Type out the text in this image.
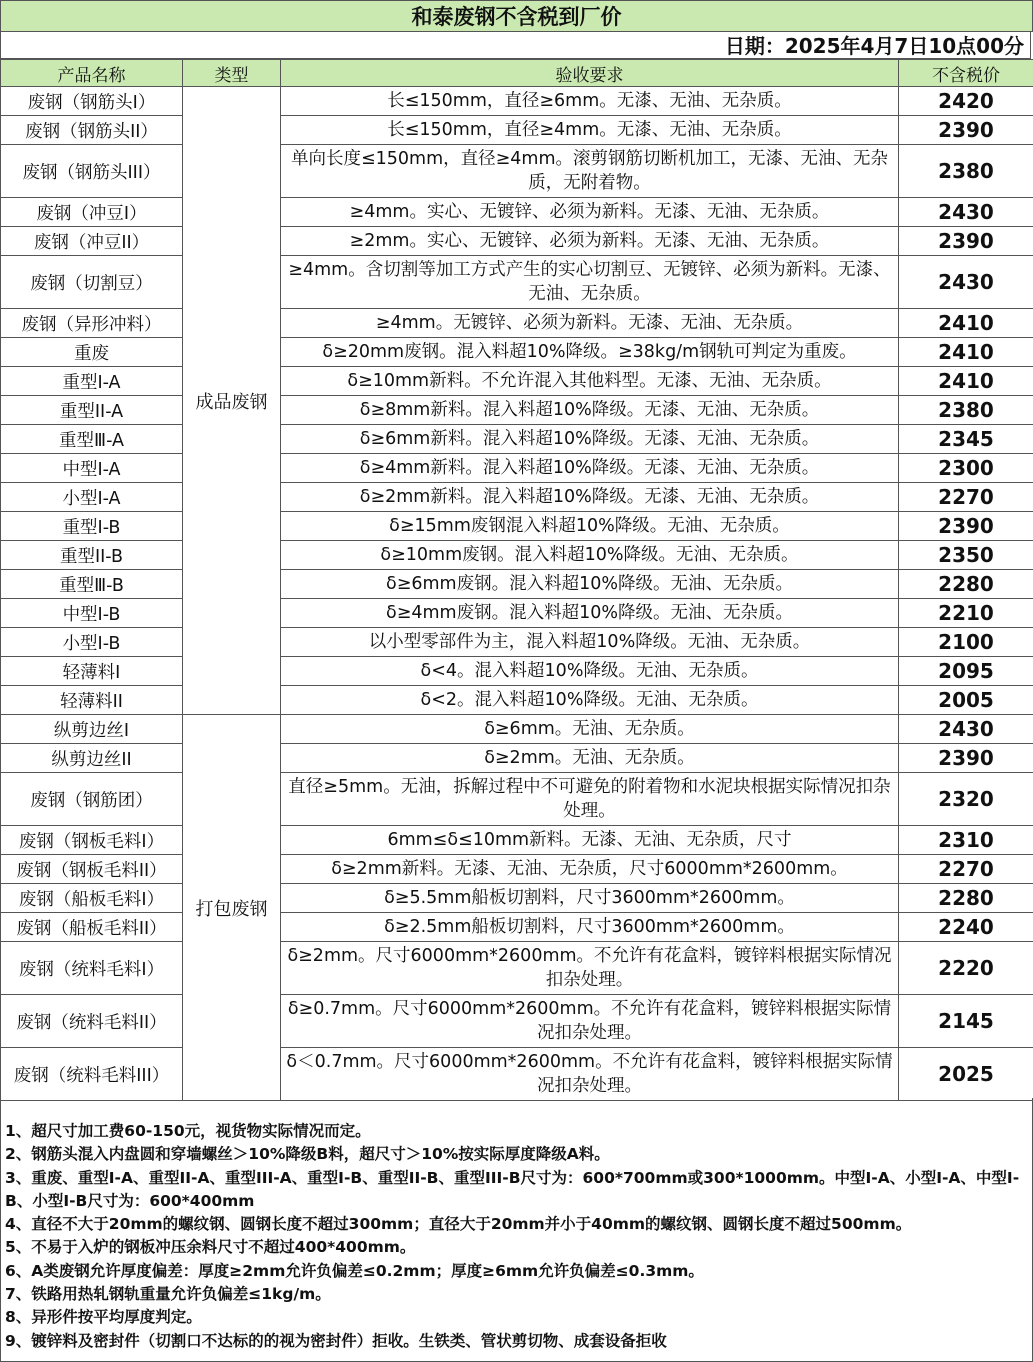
和泰废钢不含税到厂价
日期：2025年4月7日10点00分
产品名称	类型	验收要求	不含税价
废钢（钢筋头I）	成品废钢	长≤150mm，直径≥6mm。无漆、无油、无杂质。	2420
废钢（钢筋头II）		长≤150mm，直径≥4mm。无漆、无油、无杂质。	2390
废钢（钢筋头III）		单向长度≤150mm，直径≥4mm。滚剪钢筋切断机加工，无漆、无油、无杂质，无附着物。	2380
废钢（冲豆I）		≥4mm。实心、无镀锌、必须为新料。无漆、无油、无杂质。	2430
废钢（冲豆II）		≥2mm。实心、无镀锌、必须为新料。无漆、无油、无杂质。	2390
废钢（切割豆）		≥4mm。含切割等加工方式产生的实心切割豆、无镀锌、必须为新料。无漆、无油、无杂质。	2430
废钢（异形冲料）		≥4mm。无镀锌、必须为新料。无漆、无油、无杂质。	2410
重废		δ≥20mm废钢。混入料超10%降级。≥38kg/m钢轨可判定为重废。	2410
重型I-A		δ≥10mm新料。不允许混入其他料型。无漆、无油、无杂质。	2410
重型II-A		δ≥8mm新料。混入料超10%降级。无漆、无油、无杂质。	2380
重型Ⅲ-A		δ≥6mm新料。混入料超10%降级。无漆、无油、无杂质。	2345
中型I-A		δ≥4mm新料。混入料超10%降级。无漆、无油、无杂质。	2300
小型I-A		δ≥2mm新料。混入料超10%降级。无漆、无油、无杂质。	2270
重型I-B		δ≥15mm废钢混入料超10%降级。无油、无杂质。	2390
重型II-B		δ≥10mm废钢。混入料超10%降级。无油、无杂质。	2350
重型Ⅲ-B		δ≥6mm废钢。混入料超10%降级。无油、无杂质。	2280
中型I-B		δ≥4mm废钢。混入料超10%降级。无油、无杂质。	2210
小型I-B		以小型零部件为主，混入料超10%降级。无油、无杂质。	2100
轻薄料I		δ<4。混入料超10%降级。无油、无杂质。	2095
轻薄料II		δ<2。混入料超10%降级。无油、无杂质。	2005
纵剪边丝I	打包废钢	δ≥6mm。无油、无杂质。	2430
纵剪边丝II		δ≥2mm。无油、无杂质。	2390
废钢（钢筋团）		直径≥5mm。无油，拆解过程中不可避免的附着物和水泥块根据实际情况扣杂处理。	2320
废钢（钢板毛料I）		6mm≤δ≤10mm新料。无漆、无油、无杂质，尺寸	2310
废钢（钢板毛料II）		δ≥2mm新料。无漆、无油、无杂质，尺寸6000mm*2600mm。	2270
废钢（船板毛料I）		δ≥5.5mm船板切割料，尺寸3600mm*2600mm。	2280
废钢（船板毛料II）		δ≥2.5mm船板切割料，尺寸3600mm*2600mm。	2240
废钢（统料毛料I）		δ≥2mm。尺寸6000mm*2600mm。不允许有花盒料，镀锌料根据实际情况扣杂处理。	2220
废钢（统料毛料II）		δ≥0.7mm。尺寸6000mm*2600mm。不允许有花盒料，镀锌料根据实际情况扣杂处理。	2145
废钢（统料毛料III）		δ＜0.7mm。尺寸6000mm*2600mm。不允许有花盒料，镀锌料根据实际情况扣杂处理。	2025

1、超尺寸加工费60-150元，视货物实际情况而定。

2、钢筋头混入内盘圆和穿墙螺丝＞10%降级B料，超尺寸＞10%按实际厚度降级A料。

3、重废、重型I-A、重型II-A、重型III-A、重型I-B、重型II-B、重型III-B尺寸为：600*700mm或300*1000mm。中型I-A、小型I-A、中型I-B、小型I-B尺寸为：600*400mm

4、直径不大于20mm的螺纹钢、圆钢长度不超过300mm；直径大于20mm并小于40mm的螺纹钢、圆钢长度不超过500mm。

5、不易于入炉的钢板冲压余料尺寸不超过400*400mm。

6、A类废钢允许厚度偏差：厚度≥2mm允许负偏差≤0.2mm；厚度≥6mm允许负偏差≤0.3mm。

7、铁路用热轧钢轨重量允许负偏差≤1kg/m。

8、异形件按平均厚度判定。

9、镀锌料及密封件（切割口不达标的的视为密封件）拒收。生铁类、管状剪切物、成套设备拒收
